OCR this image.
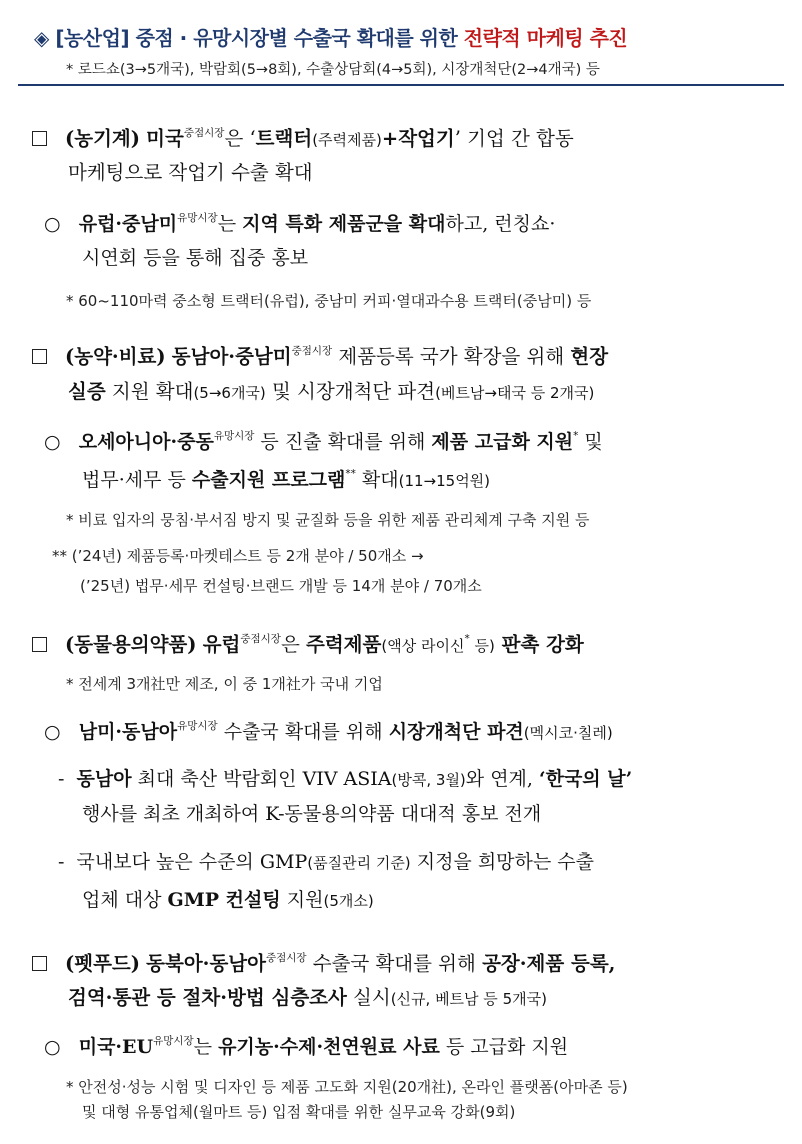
◈ [농산업] 중점 · 유망시장별 수출국 확대를 위한 전략적 마케팅 추진
* 로드쇼(3→5개국), 박람회(5→8회), 수출상담회(4→5회), 시장개척단(2→4개국) 등
(농기계) 미국$^{중점시장}$은 ‘트랙터(주력제품)+작업기’ 기업 간 합동
마케팅으로 작업기 수출 확대
○ 유럽·중남미$^{유망시장}$는 지역 특화 제품군을 확대하고, 런칭쇼·
시연회 등을 통해 집중 홍보
* 60~110마력 중소형 트랙터(유럽), 중남미 커피·열대과수용 트랙터(중남미) 등
(농약·비료) 동남아·중남미$^{중점시장}$ 제품등록 국가 확장을 위해 현장
실증 지원 확대(5→6개국) 및 시장개척단 파견(베트남→태국 등 2개국)
○ 오세아니아·중동$^{유망시장}$ 등 진출 확대를 위해 제품 고급화 지원* 및
법무·세무 등 수출지원 프로그램** 확대(11→15억원)
* 비료 입자의 뭉침·부서짐 방지 및 균질화 등을 위한 제품 관리체계 구축 지원 등
** (’24년) 제품등록·마켓테스트 등 2개 분야 / 50개소 →
(’25년) 법무·세무 컨설팅·브랜드 개발 등 14개 분야 / 70개소
(동물용의약품) 유럽$^{중점시장}$은 주력제품(액상 라이신* 등) 판촉 강화
* 전세계 3개社만 제조, 이 중 1개社가 국내 기업
○ 남미·동남아$^{유망시장}$ 수출국 확대를 위해 시장개척단 파견(멕시코·칠레)
- 동남아 최대 축산 박람회인 VIV ASIA(방콕, 3월)와 연계, ‘한국의 날’
행사를 최초 개최하여 K-동물용의약품 대대적 홍보 전개
- 국내보다 높은 수준의 GMP(품질관리 기준) 지정을 희망하는 수출
업체 대상 GMP 컨설팅 지원(5개소)
(펫푸드) 동북아·동남아$^{중점시장}$ 수출국 확대를 위해 공장·제품 등록,
검역·통관 등 절차·방법 심층조사 실시(신규, 베트남 등 5개국)
○ 미국$\cdot EU^{유망시장}$는 유기농·수제·천연원료 사료 등 고급화 지원
* 안전성·성능 시험 및 디자인 등 제품 고도화 지원(20개社), 온라인 플랫폼(아마존 등)
및 대형 유통업체(월마트 등) 입점 확대를 위한 실무교육 강화(9회)
